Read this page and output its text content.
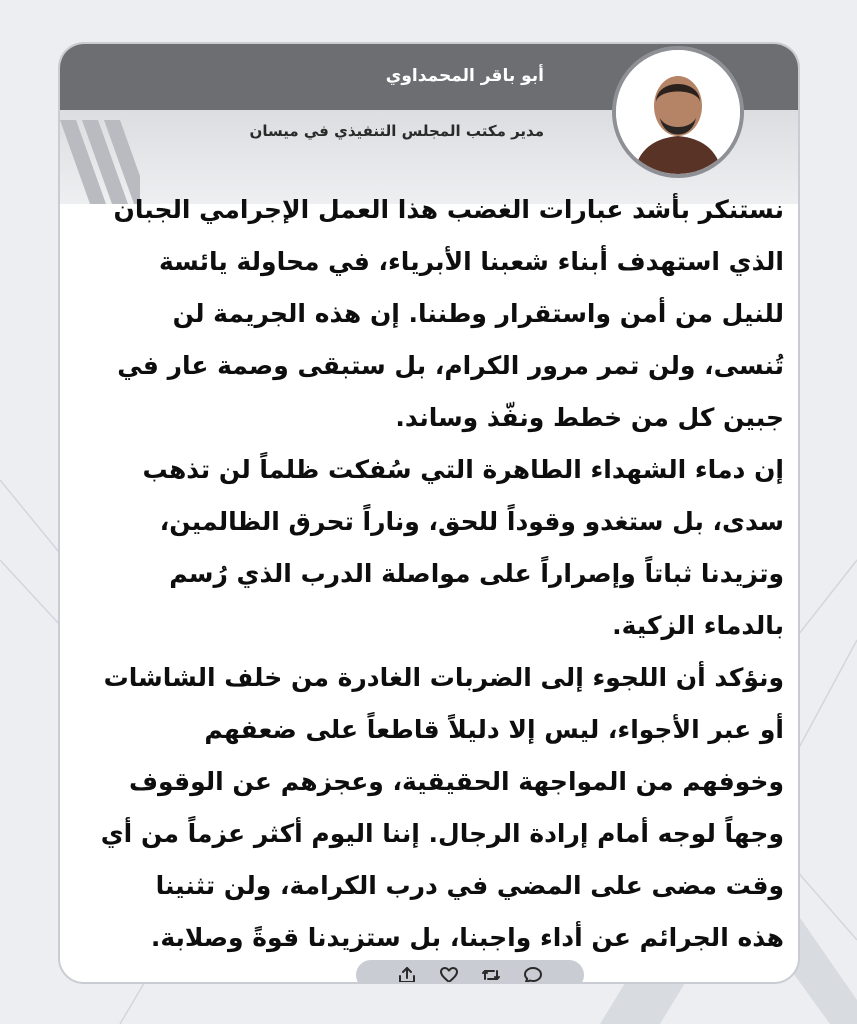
أبو باقر المحمداوي
مدير مكتب المجلس التنفيذي في ميسان
نستنكر بأشد عبارات الغضب هذا العمل الإجرامي الجبان
الذي استهدف أبناء شعبنا الأبرياء، في محاولة يائسة
للنيل من أمن واستقرار وطننا. إن هذه الجريمة لن
تُنسى، ولن تمر مرور الكرام، بل ستبقى وصمة عار في
جبين كل من خطط ونفّذ وساند.
إن دماء الشهداء الطاهرة التي سُفكت ظلماً لن تذهب
سدى، بل ستغدو وقوداً للحق، وناراً تحرق الظالمين،
وتزيدنا ثباتاً وإصراراً على مواصلة الدرب الذي رُسم
بالدماء الزكية.
ونؤكد أن اللجوء إلى الضربات الغادرة من خلف الشاشات
أو عبر الأجواء، ليس إلا دليلاً قاطعاً على ضعفهم
وخوفهم من المواجهة الحقيقية، وعجزهم عن الوقوف
وجهاً لوجه أمام إرادة الرجال. إننا اليوم أكثر عزماً من أي
وقت مضى على المضي في درب الكرامة، ولن تثنينا
هذه الجرائم عن أداء واجبنا، بل ستزيدنا قوةً وصلابة.
